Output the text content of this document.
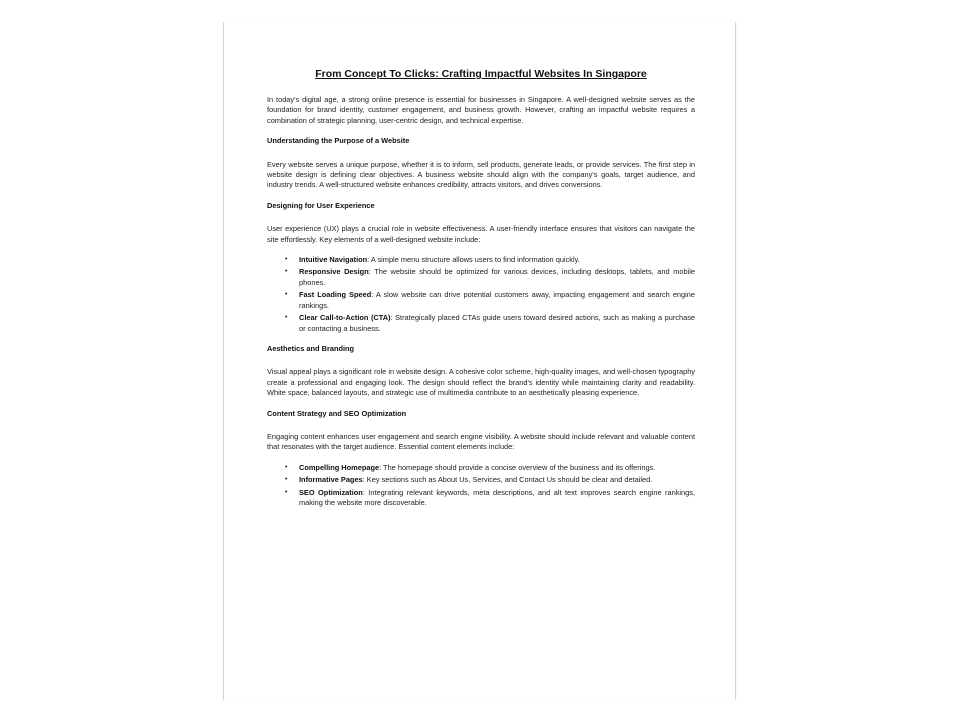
From Concept To Clicks: Crafting Impactful Websites In Singapore

In today's digital age, a strong online presence is essential for businesses in Singapore. A well-designed website serves as the foundation for brand identity, customer engagement, and business growth. However, crafting an impactful website requires a combination of strategic planning, user-centric design, and technical expertise.

Understanding the Purpose of a Website

Every website serves a unique purpose, whether it is to inform, sell products, generate leads, or provide services. The first step in website design is defining clear objectives. A business website should align with the company's goals, target audience, and industry trends. A well-structured website enhances credibility, attracts visitors, and drives conversions.

Designing for User Experience

User experience (UX) plays a crucial role in website effectiveness. A user-friendly interface ensures that visitors can navigate the site effortlessly. Key elements of a well-designed website include:

• Intuitive Navigation: A simple menu structure allows users to find information quickly.
• Responsive Design: The website should be optimized for various devices, including desktops, tablets, and mobile phones.
• Fast Loading Speed: A slow website can drive potential customers away, impacting engagement and search engine rankings.
• Clear Call-to-Action (CTA): Strategically placed CTAs guide users toward desired actions, such as making a purchase or contacting a business.
Aesthetics and Branding

Visual appeal plays a significant role in website design. A cohesive color scheme, high-quality images, and well-chosen typography create a professional and engaging look. The design should reflect the brand's identity while maintaining clarity and readability. White space, balanced layouts, and strategic use of multimedia contribute to an aesthetically pleasing experience.

Content Strategy and SEO Optimization

Engaging content enhances user engagement and search engine visibility. A website should include relevant and valuable content that resonates with the target audience. Essential content elements include:

• Compelling Homepage: The homepage should provide a concise overview of the business and its offerings.
• Informative Pages: Key sections such as About Us, Services, and Contact Us should be clear and detailed.
• SEO Optimization: Integrating relevant keywords, meta descriptions, and alt text improves search engine rankings, making the website more discoverable.
